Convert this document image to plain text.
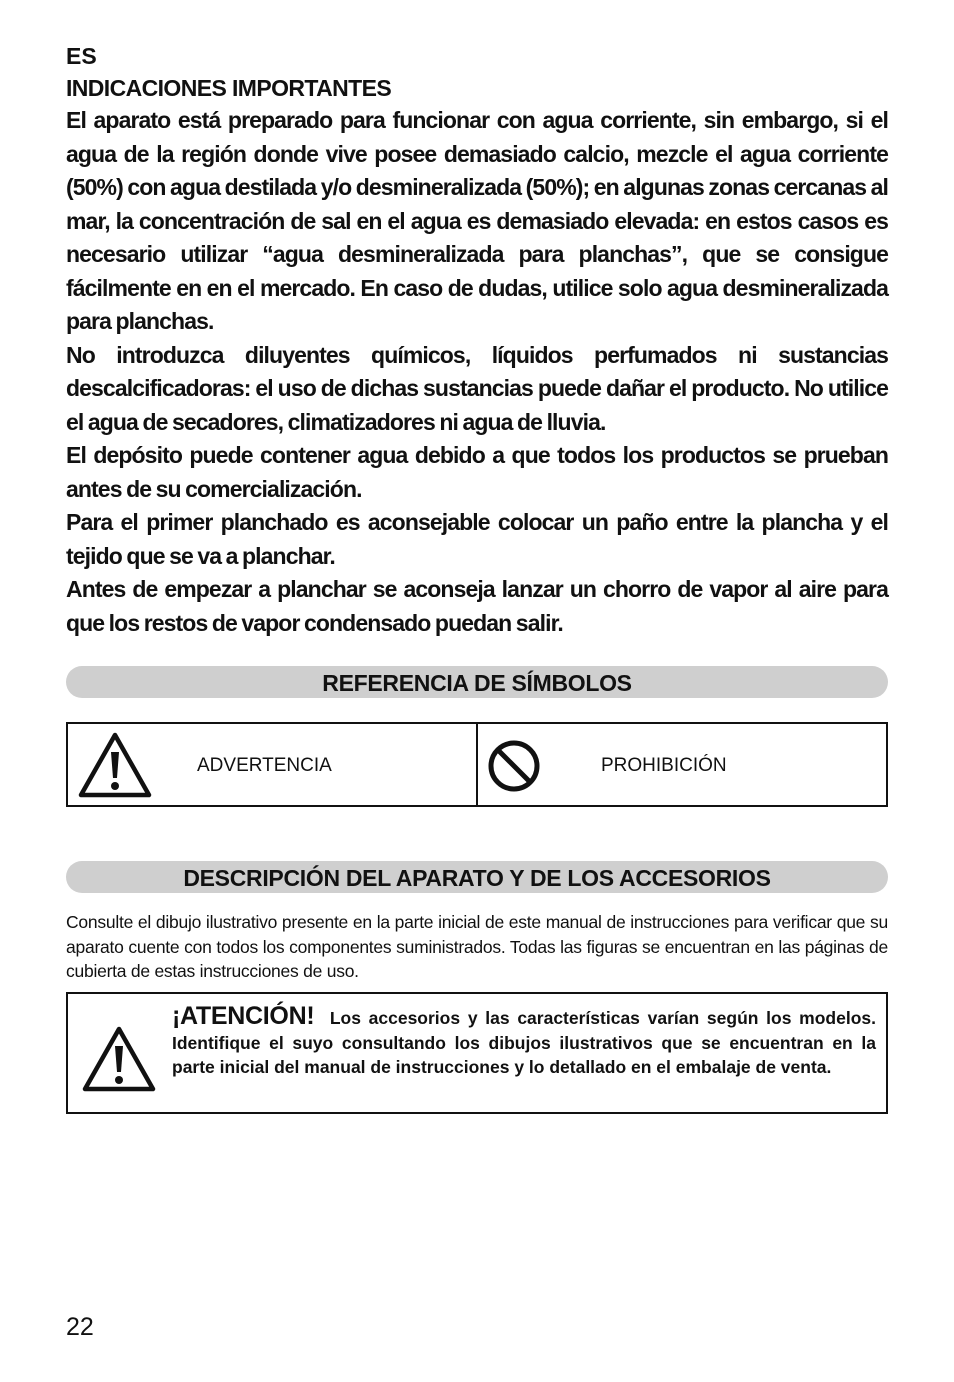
ES

INDICACIONES IMPORTANTES

El aparato está preparado para funcionar con agua corriente, sin embargo, si el agua de la región donde vive posee demasiado calcio, mezcle el agua corriente (50%) con agua destilada y/o desmineralizada (50%); en algunas zonas cercanas al mar, la concentración de sal en el agua es demasiado elevada: en estos casos es necesario utilizar “agua desmineralizada para planchas”, que se consigue fácilmente en en el mercado. En caso de dudas, utilice solo agua desmineralizada para planchas.

No introduzca diluyentes químicos, líquidos perfumados ni sustancias descalcificadoras: el uso de dichas sustancias puede dañar el producto. No utilice el agua de secadores, climatizadores ni agua de lluvia.

El depósito puede contener agua debido a que todos los productos se prueban antes de su comercialización.

Para el primer planchado es aconsejable colocar un paño entre la plancha y el tejido que se va a planchar.

Antes de empezar a planchar se aconseja lanzar un chorro de vapor al aire para que los restos de vapor condensado puedan salir.

REFERENCIA DE SÍMBOLOS
ADVERTENCIA	PROHIBICIÓN
DESCRIPCIÓN DEL APARATO Y DE LOS ACCESORIOS

Consulte el dibujo ilustrativo presente en la parte inicial de este manual de instrucciones para verificar que su aparato cuente con todos los componentes suministrados. Todas las figuras se encuentran en las páginas de cubierta de estas instrucciones de uso.

¡ATENCIÓN! Los accesorios y las características varían según los modelos. Identifique el suyo consultando los dibujos ilustrativos que se encuentran en la parte inicial del manual de instrucciones y lo detallado en el embalaje de venta.

22
